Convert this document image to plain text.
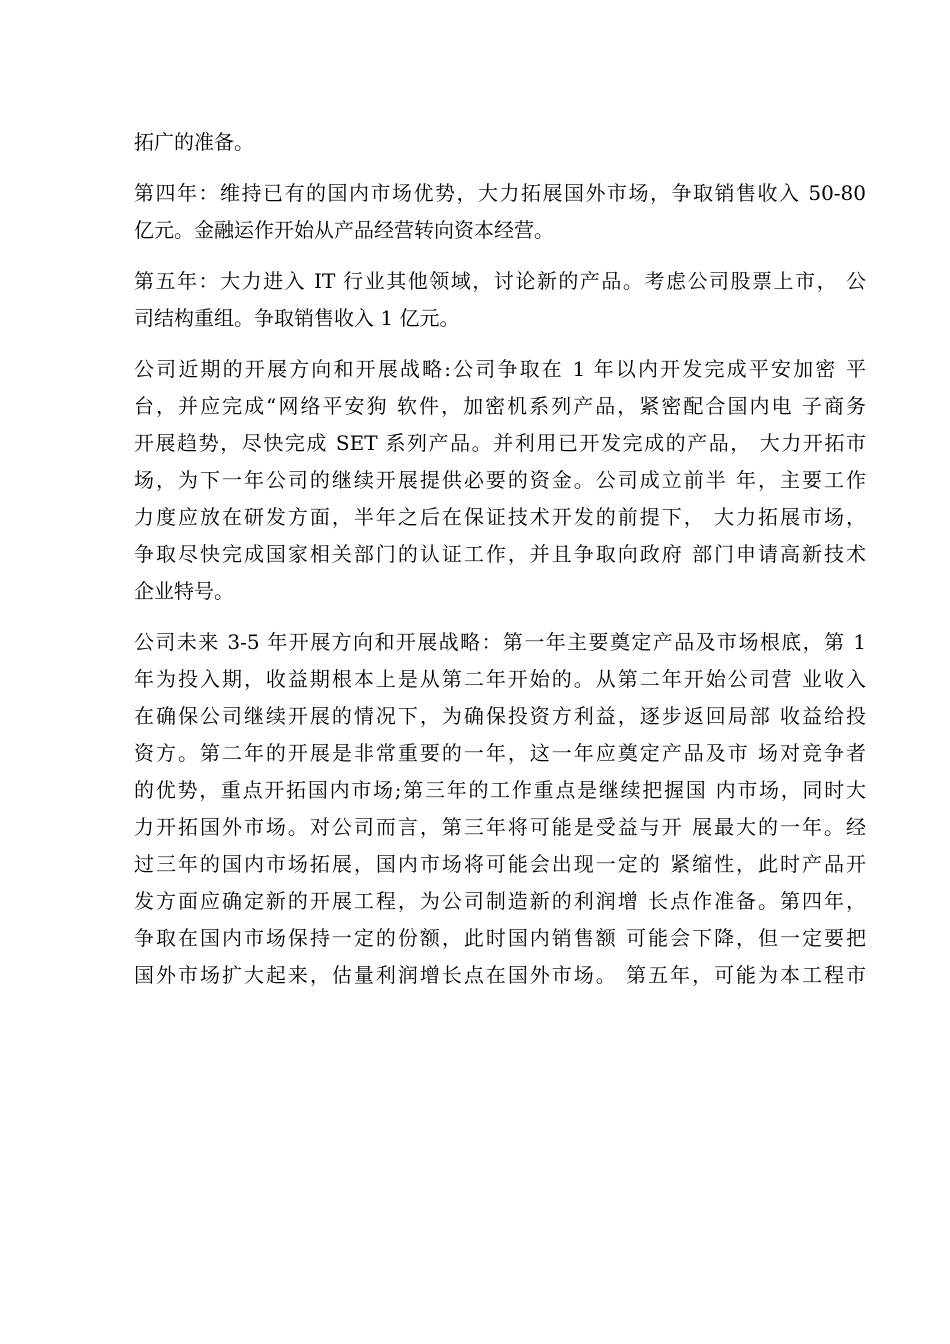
拓广的准备。
第四年：维持已有的国内市场优势，大力拓展国外市场，争取销售收入 50-80
亿元。金融运作开始从产品经营转向资本经营。
第五年：大力进入 IT 行业其他领域，讨论新的产品。考虑公司股票上市， 公
司结构重组。争取销售收入 1 亿元。
公司近期的开展方向和开展战略:公司争取在 1 年以内开发完成平安加密 平
台，并应完成“网络平安狗 软件，加密机系列产品，紧密配合国内电 子商务
开展趋势，尽快完成 SET 系列产品。并利用已开发完成的产品， 大力开拓市
场，为下一年公司的继续开展提供必要的资金。公司成立前半 年，主要工作
力度应放在研发方面，半年之后在保证技术开发的前提下， 大力拓展市场，
争取尽快完成国家相关部门的认证工作，并且争取向政府 部门申请高新技术
企业特号。
公司未来 3-5 年开展方向和开展战略：第一年主要奠定产品及市场根底，第 1
年为投入期，收益期根本上是从第二年开始的。从第二年开始公司营 业收入
在确保公司继续开展的情况下，为确保投资方利益，逐步返回局部 收益给投
资方。第二年的开展是非常重要的一年，这一年应奠定产品及市 场对竞争者
的优势，重点开拓国内市场;第三年的工作重点是继续把握国 内市场，同时大
力开拓国外市场。对公司而言，第三年将可能是受益与开 展最大的一年。经
过三年的国内市场拓展，国内市场将可能会出现一定的 紧缩性，此时产品开
发方面应确定新的开展工程，为公司制造新的利润增 长点作准备。第四年，
争取在国内市场保持一定的份额，此时国内销售额 可能会下降，但一定要把
国外市场扩大起来，估量利润增长点在国外市场。 第五年，可能为本工程市
